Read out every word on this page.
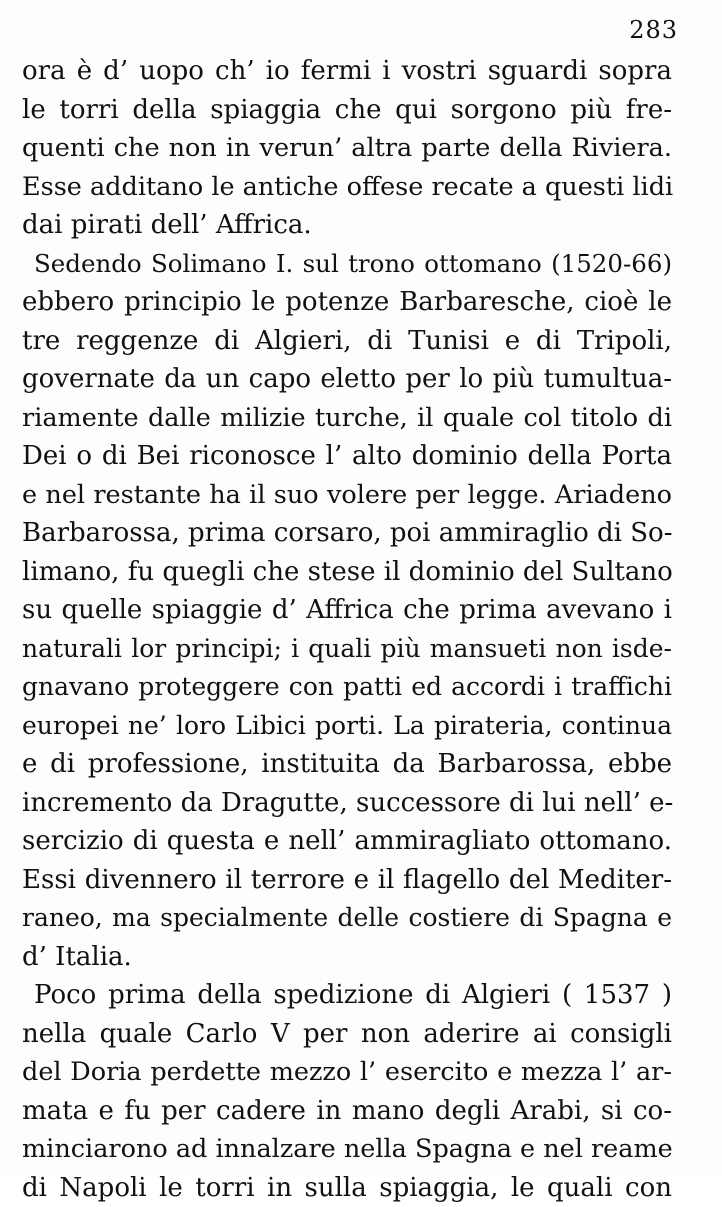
283
ora è d’ uopo ch’ io fermi i vostri sguardi sopra
le torri della spiaggia che qui sorgono più fre-
quenti che non in verun’ altra parte della Riviera.
Esse additano le antiche offese recate a questi lidi
dai pirati dell’ Affrica.
Sedendo Solimano I. sul trono ottomano (1520-66)
ebbero principio le potenze Barbaresche, cioè le
tre reggenze di Algieri, di Tunisi e di Tripoli,
governate da un capo eletto per lo più tumultua-
riamente dalle milizie turche, il quale col titolo di
Dei o di Bei riconosce l’ alto dominio della Porta
e nel restante ha il suo volere per legge. Ariadeno
Barbarossa, prima corsaro, poi ammiraglio di So-
limano, fu quegli che stese il dominio del Sultano
su quelle spiaggie d’ Affrica che prima avevano i
naturali lor principi; i quali più mansueti non isde-
gnavano proteggere con patti ed accordi i traffichi
europei ne’ loro Libici porti. La pirateria, continua
e di professione, instituita da Barbarossa, ebbe
incremento da Dragutte, successore di lui nell’ e-
sercizio di questa e nell’ ammiragliato ottomano.
Essi divennero il terrore e il flagello del Mediter-
raneo, ma specialmente delle costiere di Spagna e
d’ Italia.
Poco prima della spedizione di Algieri ( 1537 )
nella quale Carlo V per non aderire ai consigli
del Doria perdette mezzo l’ esercito e mezza l’ ar-
mata e fu per cadere in mano degli Arabi, si co-
minciarono ad innalzare nella Spagna e nel reame
di Napoli le torri in sulla spiaggia, le quali con
